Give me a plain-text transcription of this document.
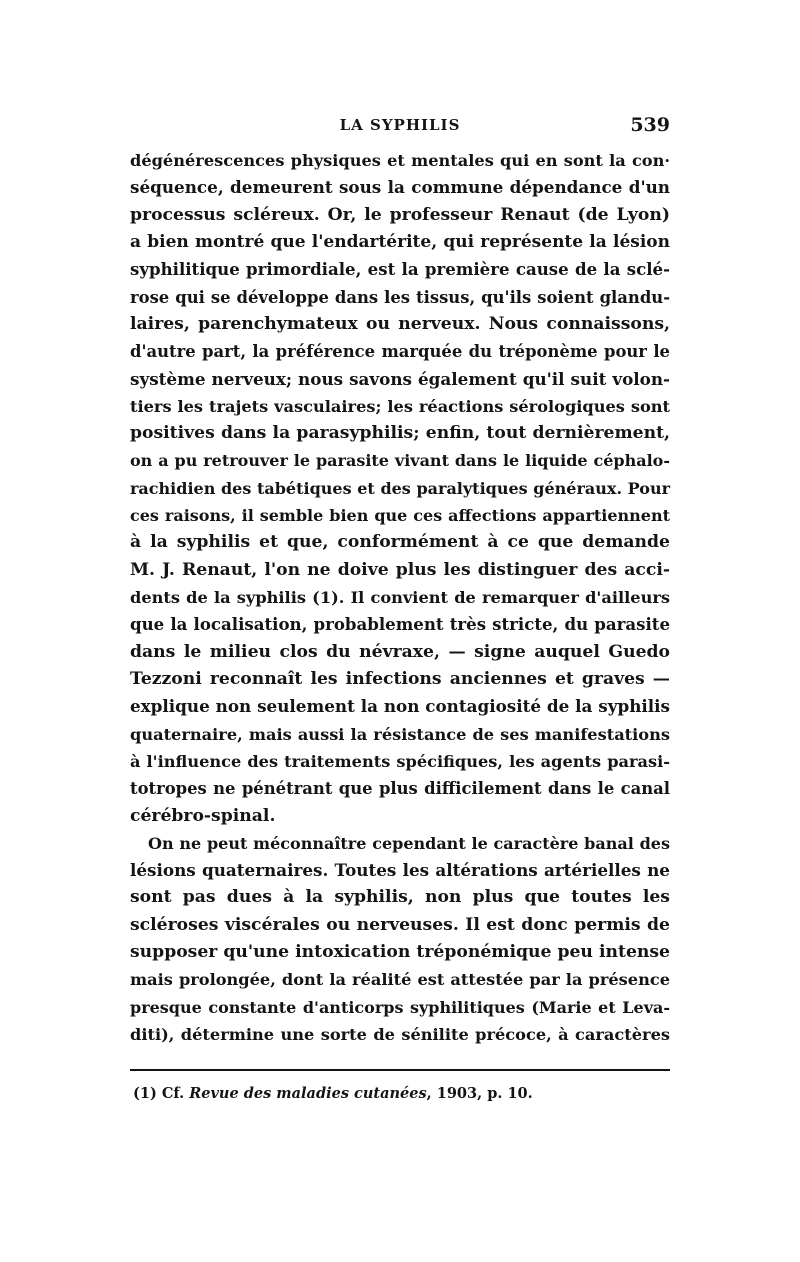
LA SYPHILIS	539
dégénérescences physiques et mentales qui en sont la con·
séquence, demeurent sous la commune dépendance d'un
processus scléreux. Or, le professeur Renaut (de Lyon)
a bien montré que l'endartérite, qui représente la lésion
syphilitique primordiale, est la première cause de la sclé-
rose qui se développe dans les tissus, qu'ils soient glandu-
laires, parenchymateux ou nerveux. Nous connaissons,
d'autre part, la préférence marquée du tréponème pour le
système nerveux; nous savons également qu'il suit volon-
tiers les trajets vasculaires; les réactions sérologiques sont
positives dans la parasyphilis; enfin, tout dernièrement,
on a pu retrouver le parasite vivant dans le liquide céphalo-
rachidien des tabétiques et des paralytiques généraux. Pour
ces raisons, il semble bien que ces affections appartiennent
à la syphilis et que, conformément à ce que demande
M. J. Renaut, l'on ne doive plus les distinguer des acci-
dents de la syphilis (1). Il convient de remarquer d'ailleurs
que la localisation, probablement très stricte, du parasite
dans le milieu clos du névraxe, — signe auquel Guedo
Tezzoni reconnaît les infections anciennes et graves —
explique non seulement la non contagiosité de la syphilis
quaternaire, mais aussi la résistance de ses manifestations
à l'influence des traitements spécifiques, les agents parasi-
totropes ne pénétrant que plus difficilement dans le canal
cérébro-spinal.
On ne peut méconnaître cependant le caractère banal des
lésions quaternaires. Toutes les altérations artérielles ne
sont pas dues à la syphilis, non plus que toutes les
scléroses viscérales ou nerveuses. Il est donc permis de
supposer qu'une intoxication tréponémique peu intense
mais prolongée, dont la réalité est attestée par la présence
presque constante d'anticorps syphilitiques (Marie et Leva-
diti), détermine une sorte de sénilite précoce, à caractères
(1) Cf. Revue des maladies cutanées, 1903, p. 10.
